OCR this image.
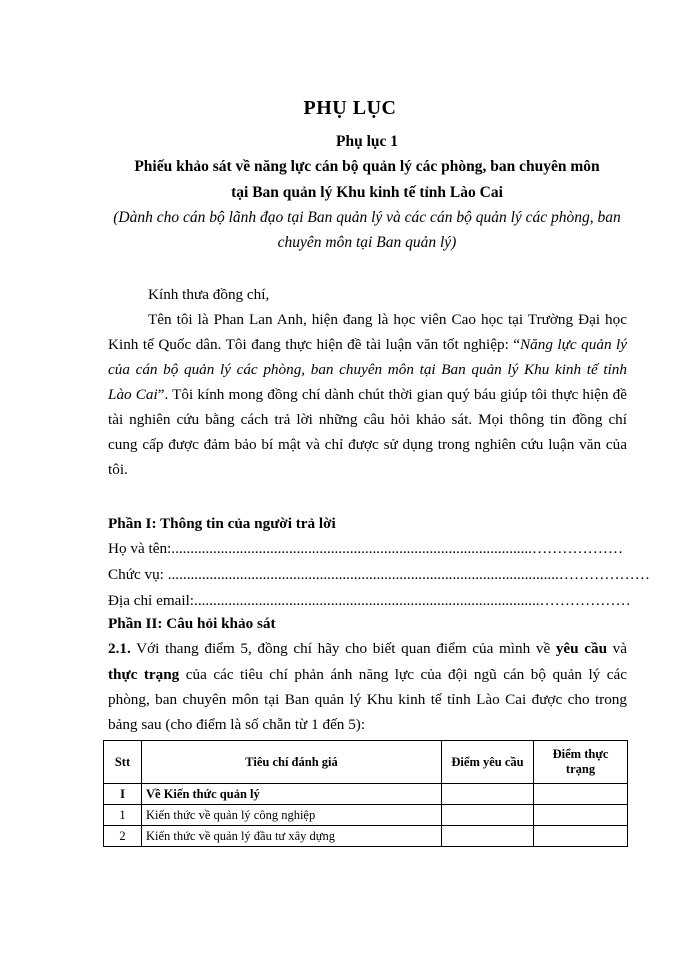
PHỤ LỤC
Phụ lục 1
Phiếu khảo sát về năng lực cán bộ quản lý các phòng, ban chuyên môn
tại Ban quản lý Khu kinh tế tỉnh Lào Cai
(Dành cho cán bộ lãnh đạo tại Ban quản lý và các cán bộ quản lý các phòng, ban
chuyên môn tại Ban quản lý)
Kính thưa đồng chí,
Tên tôi là Phan Lan Anh, hiện đang là học viên Cao học tại Trường Đại học
Kinh tế Quốc dân. Tôi đang thực hiện đề tài luận văn tốt nghiệp: “Năng lực quản lý
của cán bộ quản lý các phòng, ban chuyên môn tại Ban quản lý Khu kinh tế tỉnh
Lào Cai”. Tôi kính mong đồng chí dành chút thời gian quý báu giúp tôi thực hiện đề
tài nghiên cứu bằng cách trả lời những câu hỏi khảo sát. Mọi thông tin đồng chí
cung cấp được đảm bảo bí mật và chỉ được sử dụng trong nghiên cứu luận văn của
tôi.
Phần I: Thông tin của người trả lời
Họ và tên:...............................................................................................………………
Chức vụ: .......................................................................................................………………
Địa chỉ email:...........................................................................................………………
Phần II: Câu hỏi khảo sát
2.1. Với thang điểm 5, đồng chí hãy cho biết quan điểm của mình về yêu cầu và
thực trạng của các tiêu chí phản ánh năng lực của đội ngũ cán bộ quản lý các
phòng, ban chuyên môn tại Ban quản lý Khu kinh tế tỉnh Lào Cai được cho trong
bảng sau (cho điểm là số chẵn từ 1 đến 5):
Stt	Tiêu chí đánh giá	Điểm yêu cầu	Điểm thực trạng
I	Về Kiến thức quản lý		
1	Kiến thức về quản lý công nghiệp		
2	Kiến thức về quản lý đầu tư xây dựng		
